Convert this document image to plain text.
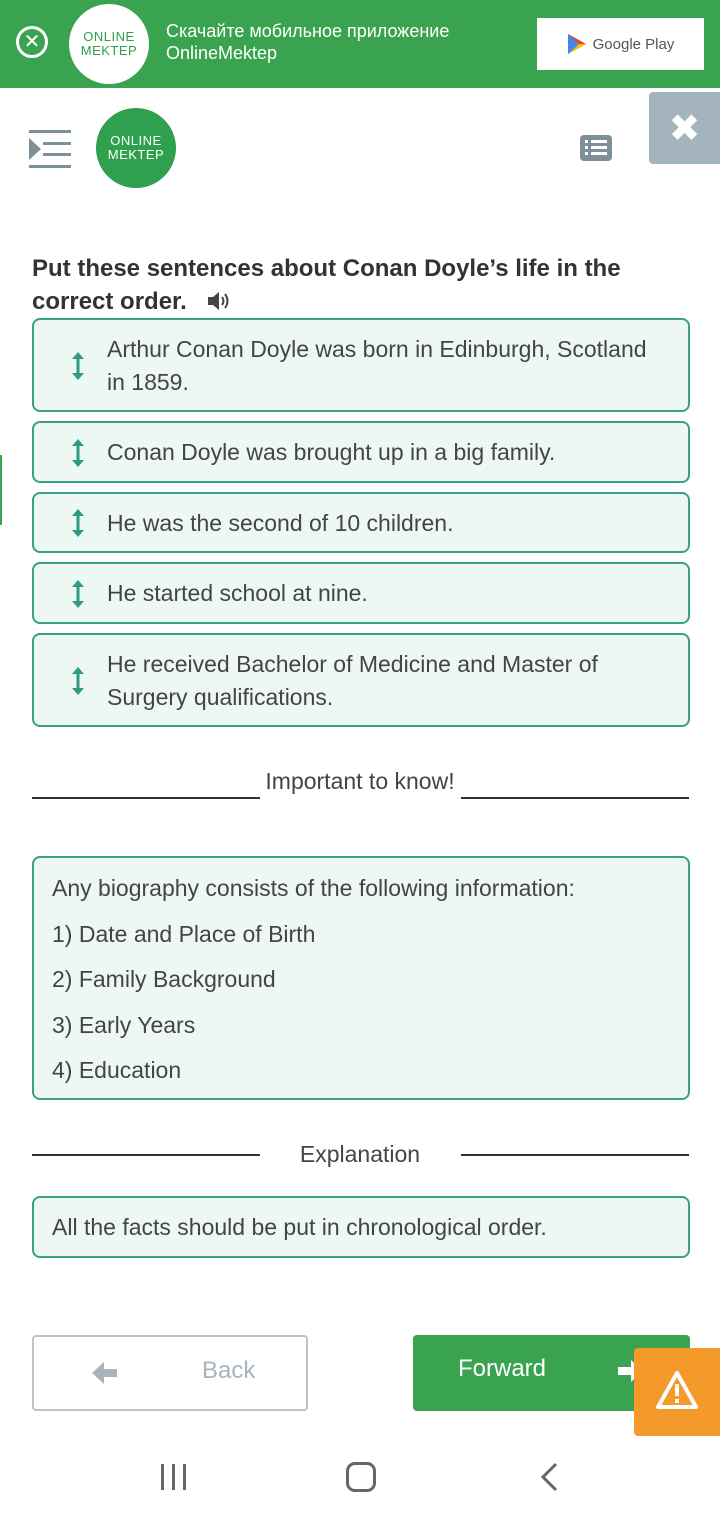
✕	ONLINE
MEKTEP
Скачайте мобильное приложение
OnlineMektep	Google Play
ONLINE
MEKTEP
✖
Put these sentences about Conan Doyle’s life in the correct order.
Arthur Conan Doyle was born in Edinburgh, Scotland in 1859.
Conan Doyle was brought up in a big family.
He was the second of 10 children.
He started school at nine.
He received Bachelor of Medicine and Master of Surgery qualifications.
Important to know!
Any biography consists of the following information:
1) Date and Place of Birth
2) Family Background
3) Early Years
4) Education
Explanation
All the facts should be put in chronological order.
Back	Forward
